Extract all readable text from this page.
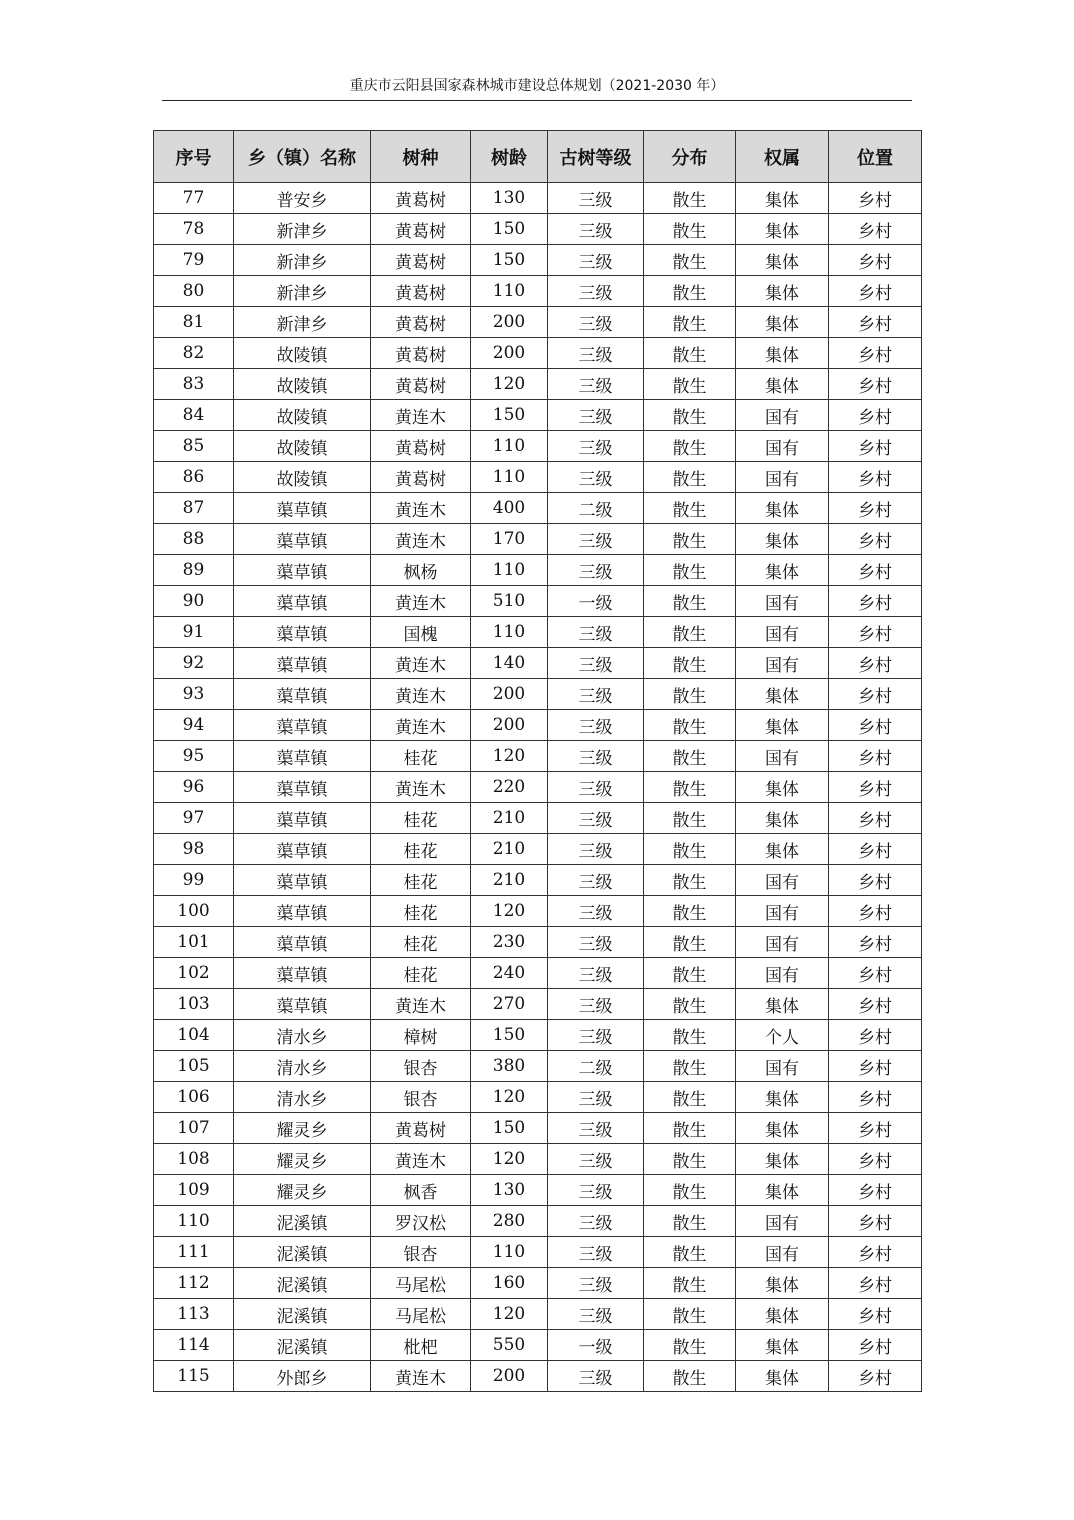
重庆市云阳县国家森林城市建设总体规划（2021-2030 年）
序号	乡（镇）名称	树种	树龄	古树等级	分布	权属	位置
77	普安乡	黄葛树	130	三级	散生	集体	乡村
78	新津乡	黄葛树	150	三级	散生	集体	乡村
79	新津乡	黄葛树	150	三级	散生	集体	乡村
80	新津乡	黄葛树	110	三级	散生	集体	乡村
81	新津乡	黄葛树	200	三级	散生	集体	乡村
82	故陵镇	黄葛树	200	三级	散生	集体	乡村
83	故陵镇	黄葛树	120	三级	散生	集体	乡村
84	故陵镇	黄连木	150	三级	散生	国有	乡村
85	故陵镇	黄葛树	110	三级	散生	国有	乡村
86	故陵镇	黄葛树	110	三级	散生	国有	乡村
87	蕖草镇	黄连木	400	二级	散生	集体	乡村
88	蕖草镇	黄连木	170	三级	散生	集体	乡村
89	蕖草镇	枫杨	110	三级	散生	集体	乡村
90	蕖草镇	黄连木	510	一级	散生	国有	乡村
91	蕖草镇	国槐	110	三级	散生	国有	乡村
92	蕖草镇	黄连木	140	三级	散生	国有	乡村
93	蕖草镇	黄连木	200	三级	散生	集体	乡村
94	蕖草镇	黄连木	200	三级	散生	集体	乡村
95	蕖草镇	桂花	120	三级	散生	国有	乡村
96	蕖草镇	黄连木	220	三级	散生	集体	乡村
97	蕖草镇	桂花	210	三级	散生	集体	乡村
98	蕖草镇	桂花	210	三级	散生	集体	乡村
99	蕖草镇	桂花	210	三级	散生	国有	乡村
100	蕖草镇	桂花	120	三级	散生	国有	乡村
101	蕖草镇	桂花	230	三级	散生	国有	乡村
102	蕖草镇	桂花	240	三级	散生	国有	乡村
103	蕖草镇	黄连木	270	三级	散生	集体	乡村
104	清水乡	樟树	150	三级	散生	个人	乡村
105	清水乡	银杏	380	二级	散生	国有	乡村
106	清水乡	银杏	120	三级	散生	集体	乡村
107	耀灵乡	黄葛树	150	三级	散生	集体	乡村
108	耀灵乡	黄连木	120	三级	散生	集体	乡村
109	耀灵乡	枫香	130	三级	散生	集体	乡村
110	泥溪镇	罗汉松	280	三级	散生	国有	乡村
111	泥溪镇	银杏	110	三级	散生	国有	乡村
112	泥溪镇	马尾松	160	三级	散生	集体	乡村
113	泥溪镇	马尾松	120	三级	散生	集体	乡村
114	泥溪镇	枇杷	550	一级	散生	集体	乡村
115	外郎乡	黄连木	200	三级	散生	集体	乡村
